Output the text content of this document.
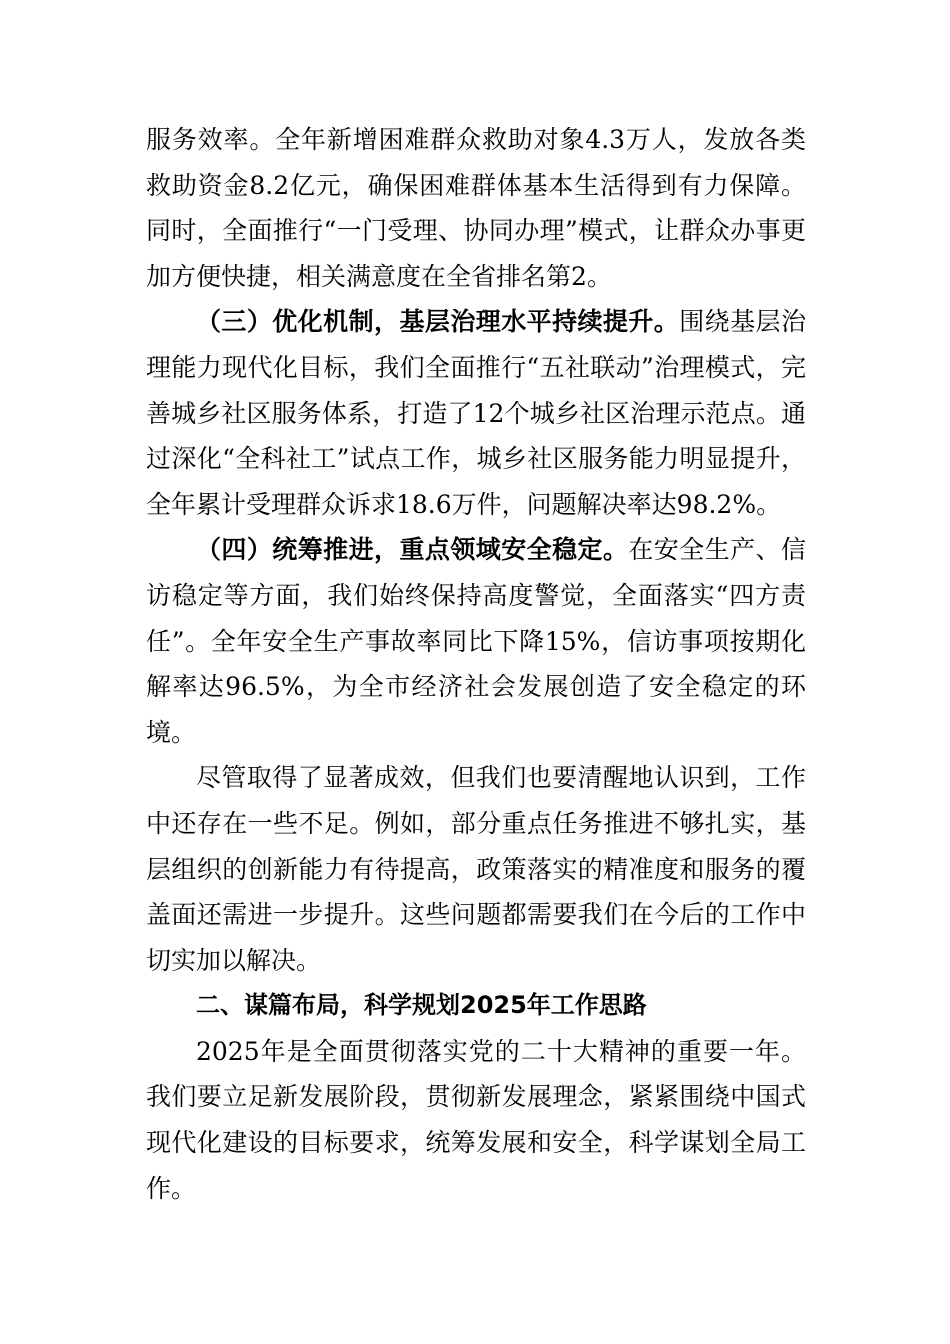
服务效率。全年新增困难群众救助对象4.3万人，发放各类救助资金8.2亿元，确保困难群体基本生活得到有力保障。同时，全面推行“一门受理、协同办理”模式，让群众办事更加方便快捷，相关满意度在全省排名第2。

（三）优化机制，基层治理水平持续提升。围绕基层治理能力现代化目标，我们全面推行“五社联动”治理模式，完善城乡社区服务体系，打造了12个城乡社区治理示范点。通过深化“全科社工”试点工作，城乡社区服务能力明显提升，全年累计受理群众诉求18.6万件，问题解决率达98.2%。

（四）统筹推进，重点领域安全稳定。在安全生产、信访稳定等方面，我们始终保持高度警觉，全面落实“四方责任”。全年安全生产事故率同比下降15%，信访事项按期化解率达96.5%，为全市经济社会发展创造了安全稳定的环境。

尽管取得了显著成效，但我们也要清醒地认识到，工作中还存在一些不足。例如，部分重点任务推进不够扎实，基层组织的创新能力有待提高，政策落实的精准度和服务的覆盖面还需进一步提升。这些问题都需要我们在今后的工作中切实加以解决。

二、谋篇布局，科学规划2025年工作思路

2025年是全面贯彻落实党的二十大精神的重要一年。我们要立足新发展阶段，贯彻新发展理念，紧紧围绕中国式现代化建设的目标要求，统筹发展和安全，科学谋划全局工作。
